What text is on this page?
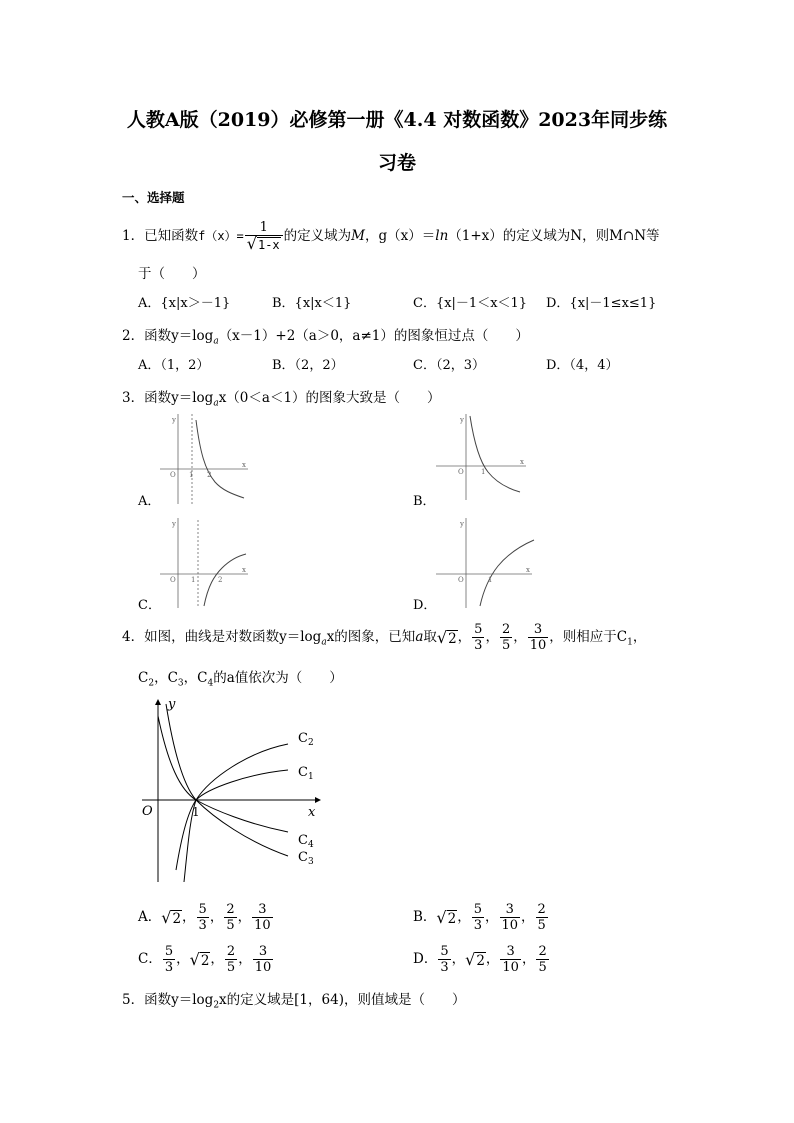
人教A版（2019）必修第一册《4.4 对数函数》2023年同步练
习卷
一、选择题
1．已知函数$f(x)= \frac{1}{√1-x}$ 的定义域为M，g（x）＝ln（1+x）的定义域为N，则M∩N等
于（　　）
A．{x|x＞－1}	B．{x|x＜1}	C．{x|－1＜x＜1} D．{x|－1≤x≤1}
2．函数$y=\log_a(x-1)+2(a>0$，a≠1）的图象恒过点（　　）
A．（1，2）	B．（2，2）	C．（2，3）	D．（4，4）
3．函数$y=\log_ax(0<a<1)$的图象大致是（　　）
y
x
O 1 2
A．
y
x
O 1
B．
y
x
O 1	2
C．
y
x
O	1
D．
4．如图，曲线是对数函数$y=\log_ax$的图象，已知a取√2， $\frac{5}{3}$ ， $\frac{2}{5}$ ， $\frac{3}{10}$ ，则相应于$C_1$，
$C_2$，$C_3$，$C_4$的a值依次为（　　）
y
x
O	1
C 2
C 1
C 4
C 3
A．√2， $\frac{5}{3}$ ， $\frac{2}{5}$ ， $\frac{3}{10}$	B．√2， $\frac{5}{3}$ ， $\frac{3}{10}$ ， $\frac{2}{5}$
C． $\frac{5}{3}$ ，√2， $\frac{2}{5}$ ， $\frac{3}{10}$	D． $\frac{5}{3}$ ，√2， $\frac{3}{10}$ ， $\frac{2}{5}$
5．函数$y=\log_2x$的定义域是[1，64)，则值域是（　　）
